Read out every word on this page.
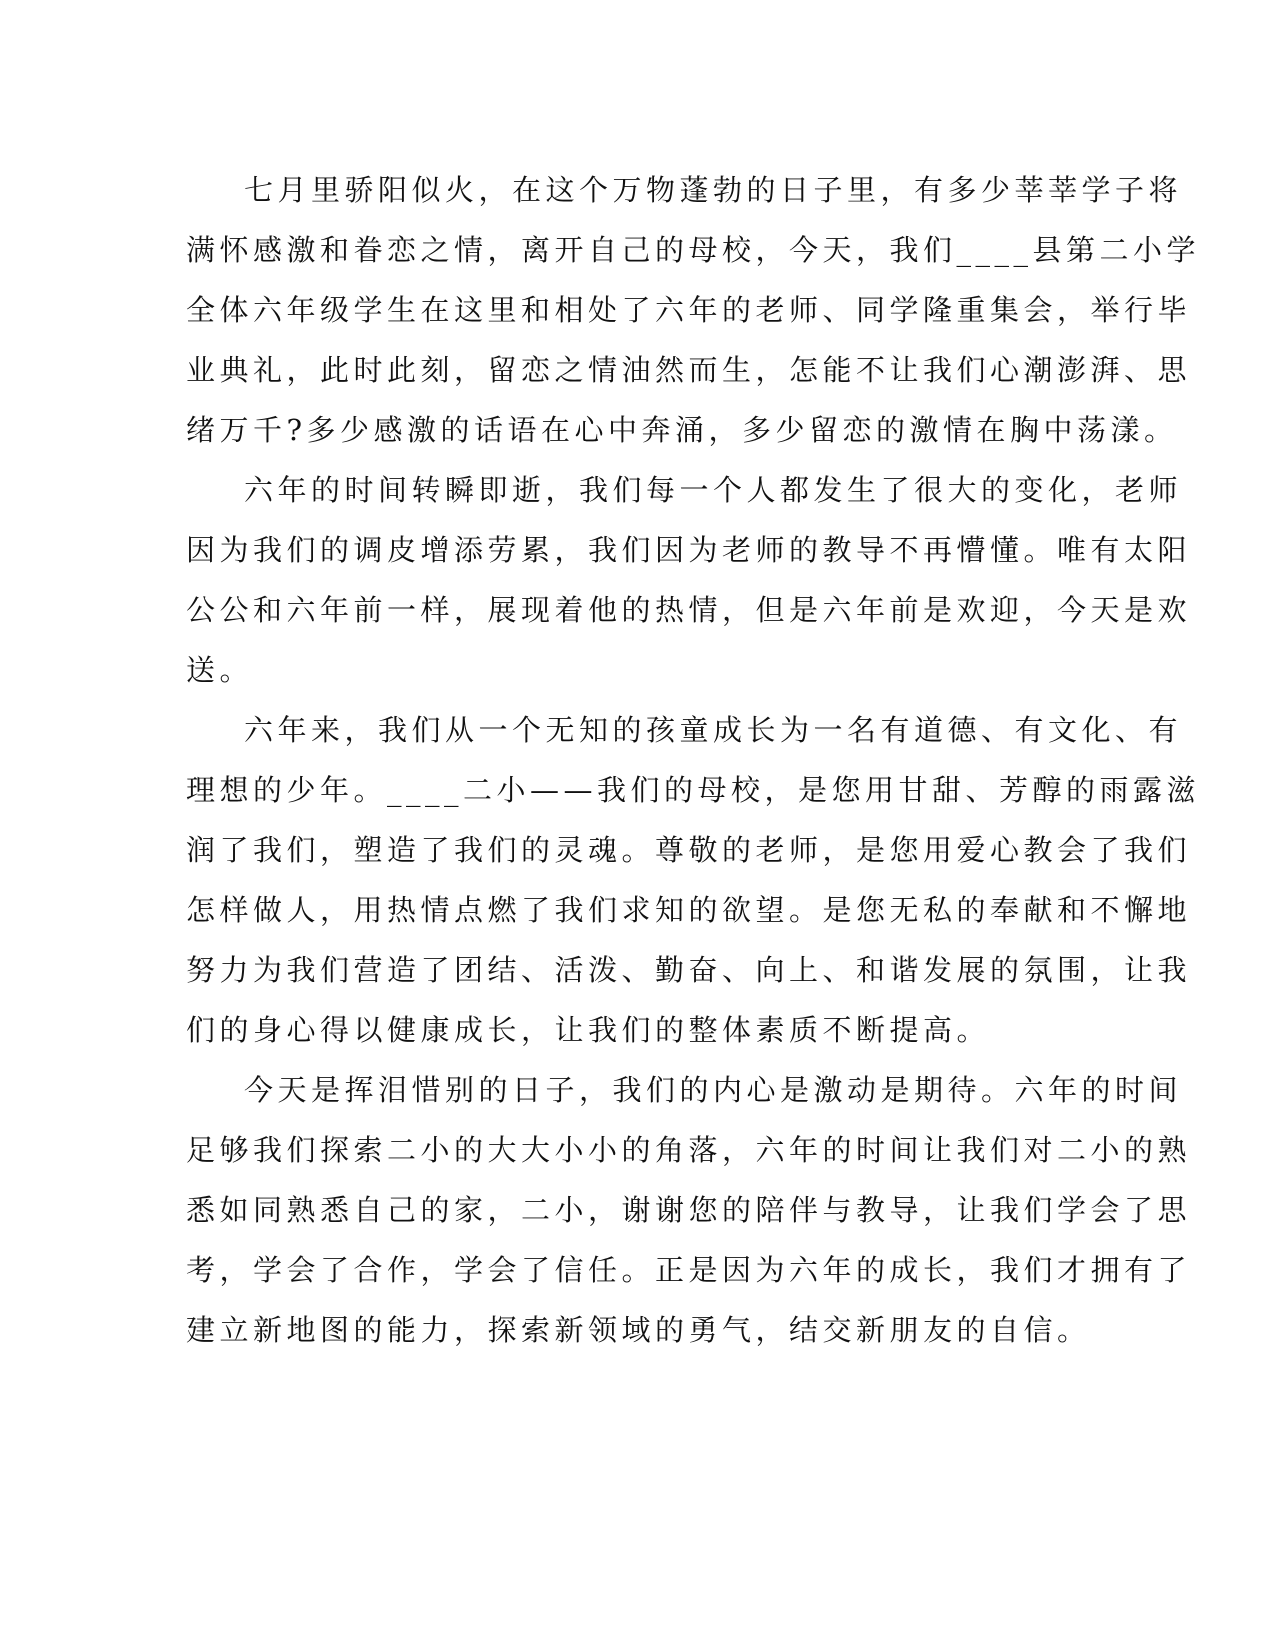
七月里骄阳似火，在这个万物蓬勃的日子里，有多少莘莘学子将
满怀感激和眷恋之情，离开自己的母校，今天，我们____县第二小学
全体六年级学生在这里和相处了六年的老师、同学隆重集会，举行毕
业典礼，此时此刻，留恋之情油然而生，怎能不让我们心潮澎湃、思
绪万千?多少感激的话语在心中奔涌，多少留恋的激情在胸中荡漾。

六年的时间转瞬即逝，我们每一个人都发生了很大的变化，老师
因为我们的调皮增添劳累，我们因为老师的教导不再懵懂。唯有太阳
公公和六年前一样，展现着他的热情，但是六年前是欢迎，今天是欢
送。

六年来，我们从一个无知的孩童成长为一名有道德、有文化、有
理想的少年。____二小——我们的母校，是您用甘甜、芳醇的雨露滋
润了我们，塑造了我们的灵魂。尊敬的老师，是您用爱心教会了我们
怎样做人，用热情点燃了我们求知的欲望。是您无私的奉献和不懈地
努力为我们营造了团结、活泼、勤奋、向上、和谐发展的氛围，让我
们的身心得以健康成长，让我们的整体素质不断提高。

今天是挥泪惜别的日子，我们的内心是激动是期待。六年的时间
足够我们探索二小的大大小小的角落，六年的时间让我们对二小的熟
悉如同熟悉自己的家，二小，谢谢您的陪伴与教导，让我们学会了思
考，学会了合作，学会了信任。正是因为六年的成长，我们才拥有了
建立新地图的能力，探索新领域的勇气，结交新朋友的自信。
